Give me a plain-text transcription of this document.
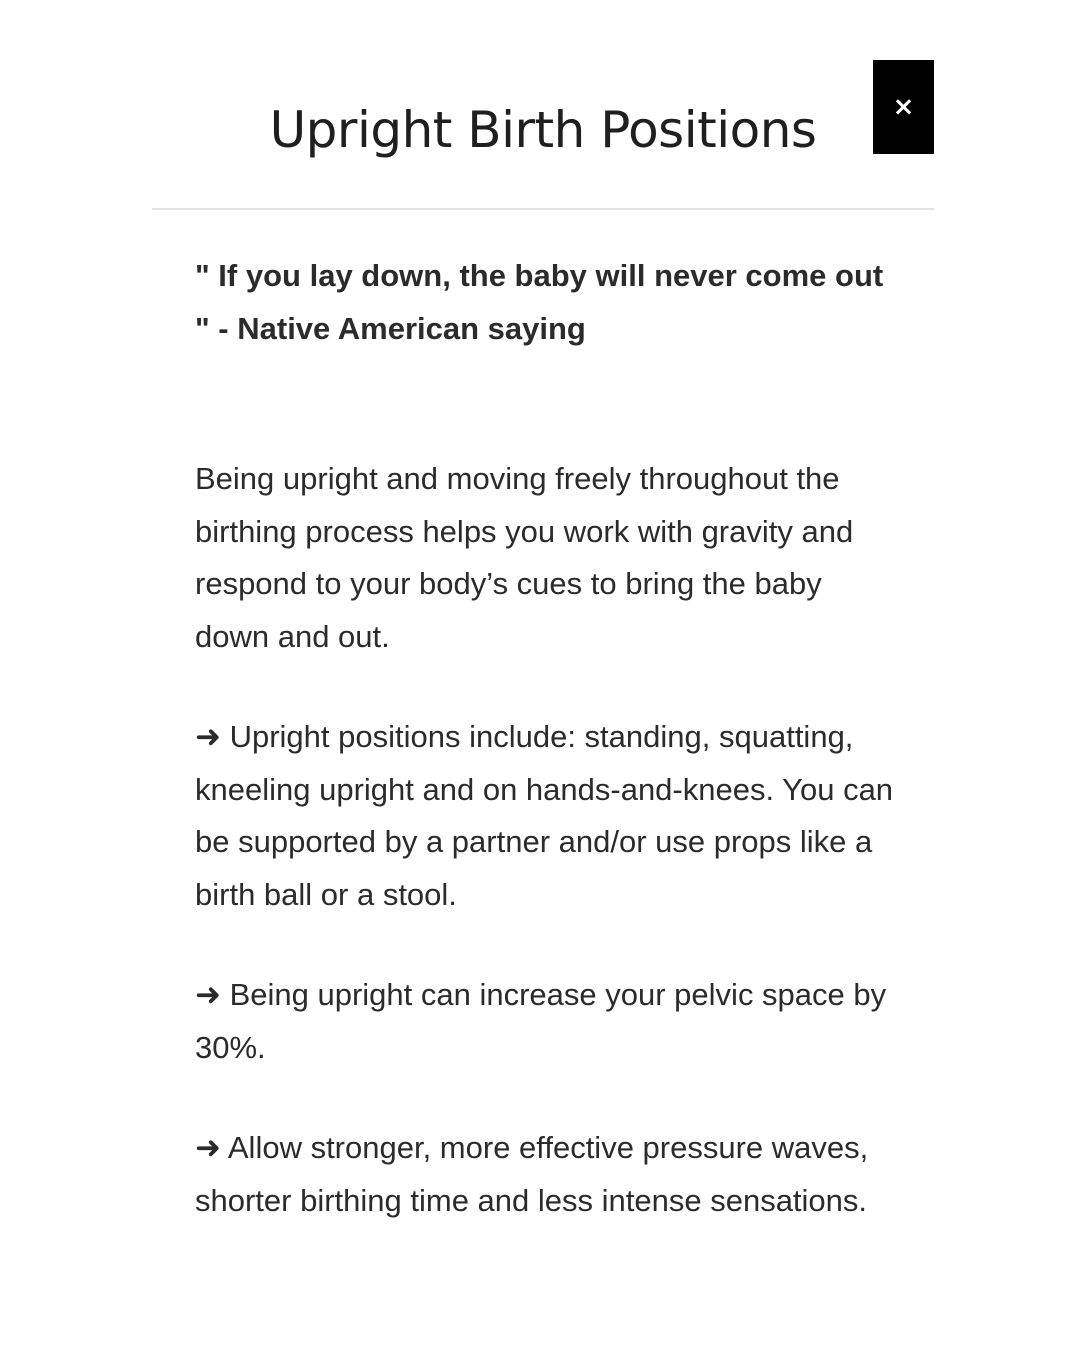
Upright Birth Positions	×

" If you lay down, the baby will never come out " - Native American saying

Being upright and moving freely throughout the birthing process helps you work with gravity and respond to your body’s cues to bring the baby down and out.

➜ Upright positions include: standing, squatting, kneeling upright and on hands-and-knees. You can be supported by a partner and/or use props like a birth ball or a stool.

➜ Being upright can increase your pelvic space by 30%.

➜ Allow stronger, more effective pressure waves, shorter birthing time and less intense sensations.
